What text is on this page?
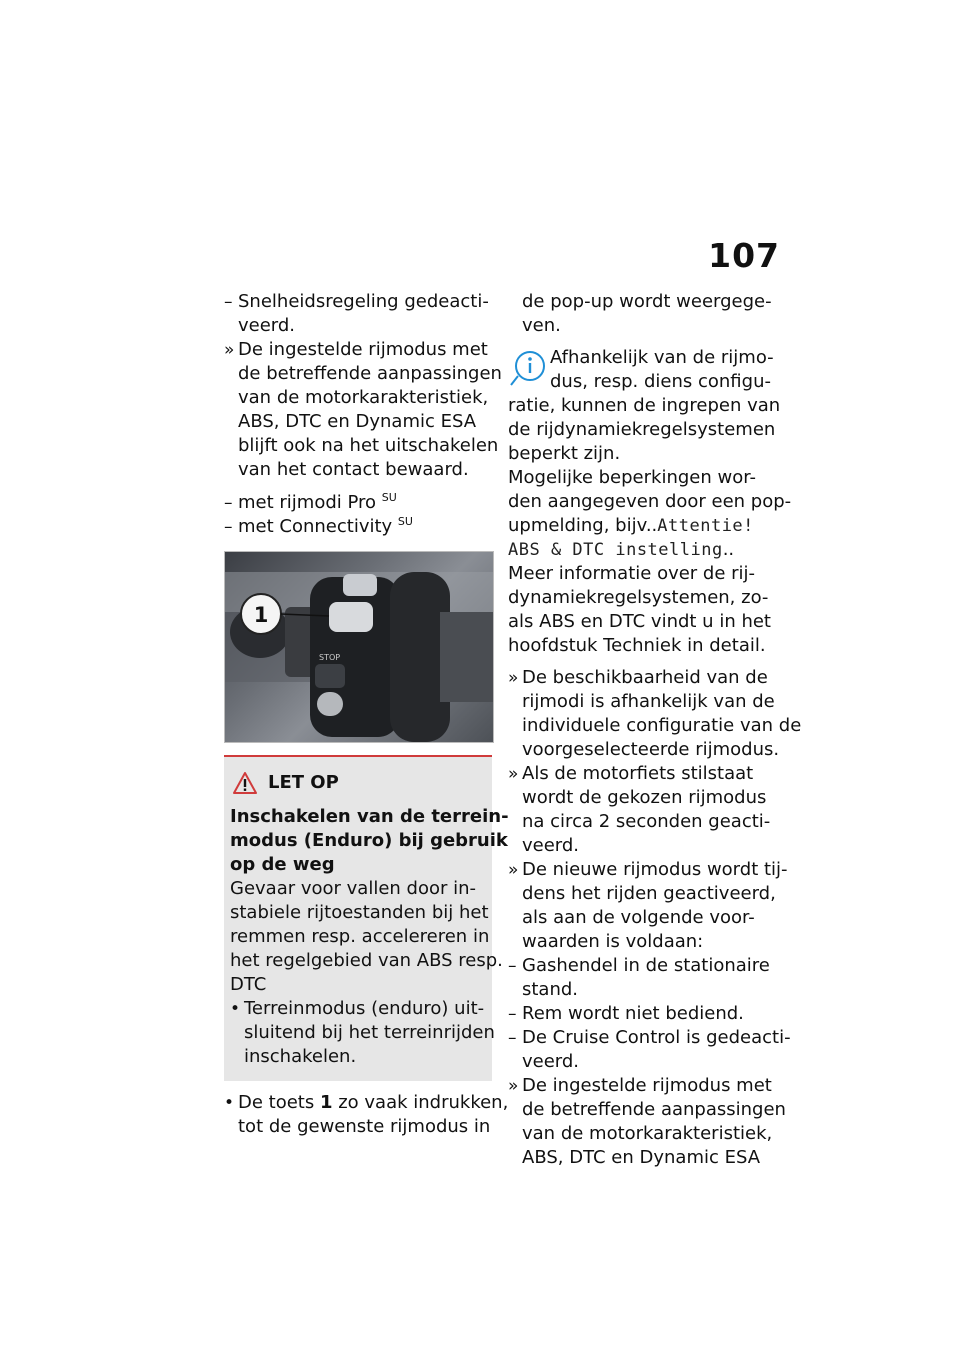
107
– Snelheidsregeling gedeacti-
veerd.
» De ingestelde rijmodus met
de betreffende aanpassingen
van de motorkarakteristiek,
ABS, DTC en Dynamic ESA
blijft ook na het uitschakelen
van het contact bewaard.
– met rijmodi Pro $^{SU}$
– met Connectivity $^{SU}$
STOP
1
LET OP
Inschakelen van de terrein-
modus (Enduro) bij gebruik
op de weg
Gevaar voor vallen door in-
stabiele rijtoestanden bij het
remmen resp. accelereren in
het regelgebied van ABS resp.
DTC
• Terreinmodus (enduro) uit-
sluitend bij het terreinrijden
inschakelen.
• De toets 1 zo vaak indrukken,
tot de gewenste rijmodus in
de pop-up wordt weergege-
ven.
Afhankelijk van de rijmo-
dus, resp. diens configu-
ratie, kunnen de ingrepen van
de rijdynamiekregelsystemen
beperkt zijn.
Mogelijke beperkingen wor-
den aangegeven door een pop-
upmelding, bijv.. Attentie!
ABS & DTC instelling ..
Meer informatie over de rij-
dynamiekregelsystemen, zo-
als ABS en DTC vindt u in het
hoofdstuk Techniek in detail.
» De beschikbaarheid van de
rijmodi is afhankelijk van de
individuele configuratie van de
voorgeselecteerde rijmodus.
» Als de motorfiets stilstaat
wordt de gekozen rijmodus
na circa 2 seconden geacti-
veerd.
» De nieuwe rijmodus wordt tij-
dens het rijden geactiveerd,
als aan de volgende voor-
waarden is voldaan:
– Gashendel in de stationaire
stand.
– Rem wordt niet bediend.
– De Cruise Control is gedeacti-
veerd.
» De ingestelde rijmodus met
de betreffende aanpassingen
van de motorkarakteristiek,
ABS, DTC en Dynamic ESA
